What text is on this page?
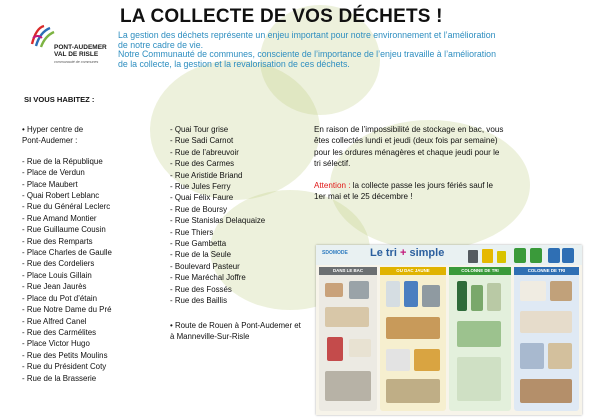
PONT-AUDEMER
VAL DE RISLE
communauté de communes
LA COLLECTE DE VOS DÉCHETS !

La gestion des déchets représente un enjeu important pour notre environnement et l’amélioration de notre cadre de vie.

Notre Communauté de communes, consciente de l’importance de l’enjeu travaille à l’amélioration de la collecte, la gestion et la revalorisation de ces déchets.

SI VOUS HABITEZ :
• Hyper centre de
Pont-Audemer :
- Rue de la République
- Place de Verdun
- Place Maubert
- Quai Robert Leblanc
- Rue du Général Leclerc
- Rue Amand Montier
- Rue Guillaume Cousin
- Rue des Remparts
- Place Charles de Gaulle
- Rue des Cordeliers
- Place Louis Gillain
- Rue Jean Jaurès
- Place du Pot d’étain
- Rue Notre Dame du Pré
- Rue Alfred Canel
- Rue des Carmélites
- Place Victor Hugo
- Rue des Petits Moulins
- Rue du Président Coty
- Rue de la Brasserie
- Quai Tour grise
- Rue Sadi Carnot
- Rue de l’abreuvoir
- Rue des Carmes
- Rue Aristide Briand
- Rue Jules Ferry
- Quai Félix Faure
- Rue de Boursy
- Rue Stanislas Delaquaize
- Rue Thiers
- Rue Gambetta
- Rue de la Seule
- Boulevard Pasteur
- Rue Maréchal Joffre
- Rue des Fossés
- Rue des Baillis
• Route de Rouen à Pont-Audemer et à Manneville-Sur-Risle

En raison de l’impossibilité de stockage en bac, vous êtes collectés lundi et jeudi (deux fois par semaine) pour les ordures ménagères et chaque jeudi pour le tri sélectif.

Attention : la collecte passe les jours fériés sauf le 1er mai et le 25 décembre !

SDOMODE Le tri + simple
DANS LE BAC	OU DAC JAUNE	COLONNE DE TRI	COLONNE DE TRI
